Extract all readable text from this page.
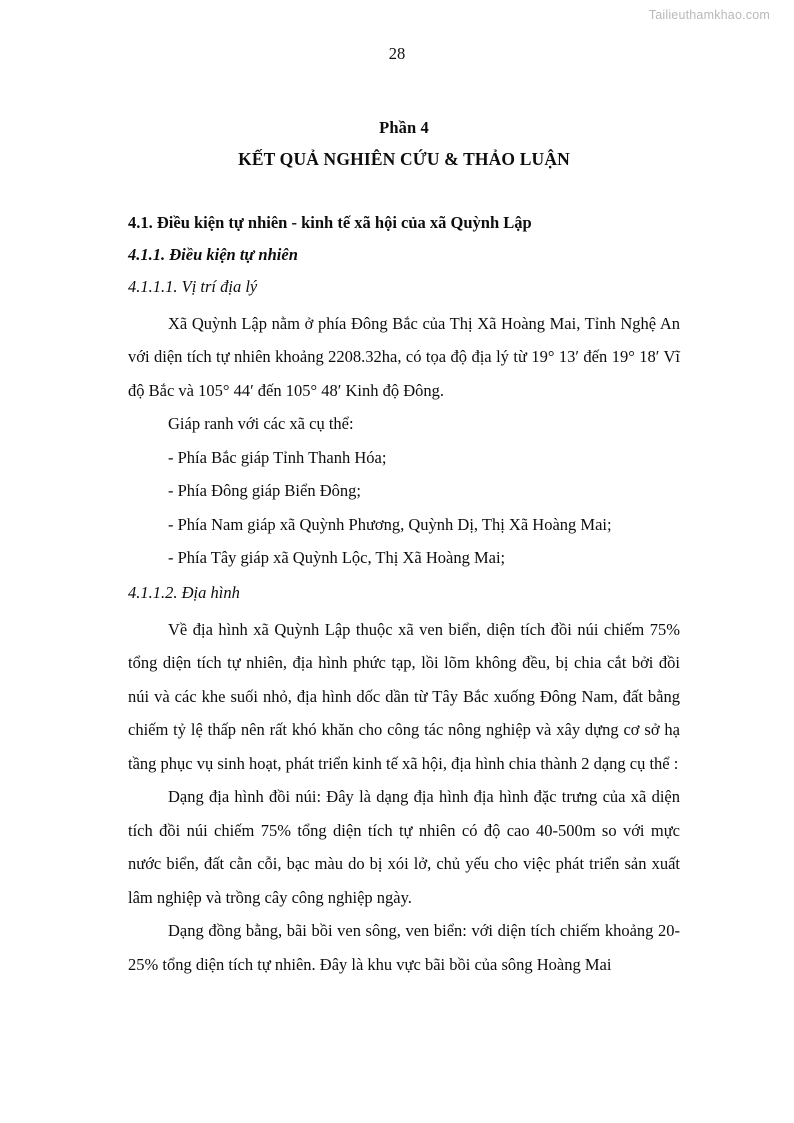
Tailieuthamkhao.com
28
Phần 4
KẾT QUẢ NGHIÊN CỨU & THẢO LUẬN
4.1. Điều kiện tự nhiên - kinh tế xã hội của xã Quỳnh Lập
4.1.1. Điều kiện tự nhiên
4.1.1.1. Vị trí địa lý

Xã Quỳnh Lập nằm ở phía Đông Bắc của Thị Xã Hoàng Mai, Tỉnh Nghệ An với diện tích tự nhiên khoảng 2208.32ha, có tọa độ địa lý từ 19° 13′ đến 19° 18′ Vĩ độ Bắc và 105° 44′ đến 105° 48′ Kinh độ Đông.

Giáp ranh với các xã cụ thể:

- Phía Bắc giáp Tỉnh Thanh Hóa;

- Phía Đông giáp Biển Đông;

- Phía Nam giáp xã Quỳnh Phương, Quỳnh Dị, Thị Xã Hoàng Mai;

- Phía Tây giáp xã Quỳnh Lộc, Thị Xã Hoàng Mai;

4.1.1.2. Địa hình

Về địa hình xã Quỳnh Lập thuộc xã ven biển, diện tích đồi núi chiếm 75% tổng diện tích tự nhiên, địa hình phức tạp, lồi lõm không đều, bị chia cắt bởi đồi núi và các khe suối nhỏ, địa hình dốc dần từ Tây Bắc xuống Đông Nam, đất bằng chiếm tỷ lệ thấp nên rất khó khăn cho công tác nông nghiệp và xây dựng cơ sở hạ tầng phục vụ sinh hoạt, phát triển kinh tế xã hội, địa hình chia thành 2 dạng cụ thể :

Dạng địa hình đồi núi: Đây là dạng địa hình địa hình đặc trưng của xã diện tích đồi núi chiếm 75% tổng diện tích tự nhiên có độ cao 40-500m so với mực nước biển, đất cằn cỗi, bạc màu do bị xói lở, chủ yếu cho việc phát triển sản xuất lâm nghiệp và trồng cây công nghiệp ngày.

Dạng đồng bằng, bãi bồi ven sông, ven biển: với diện tích chiếm khoảng 20-25% tổng diện tích tự nhiên. Đây là khu vực bãi bồi của sông Hoàng Mai
